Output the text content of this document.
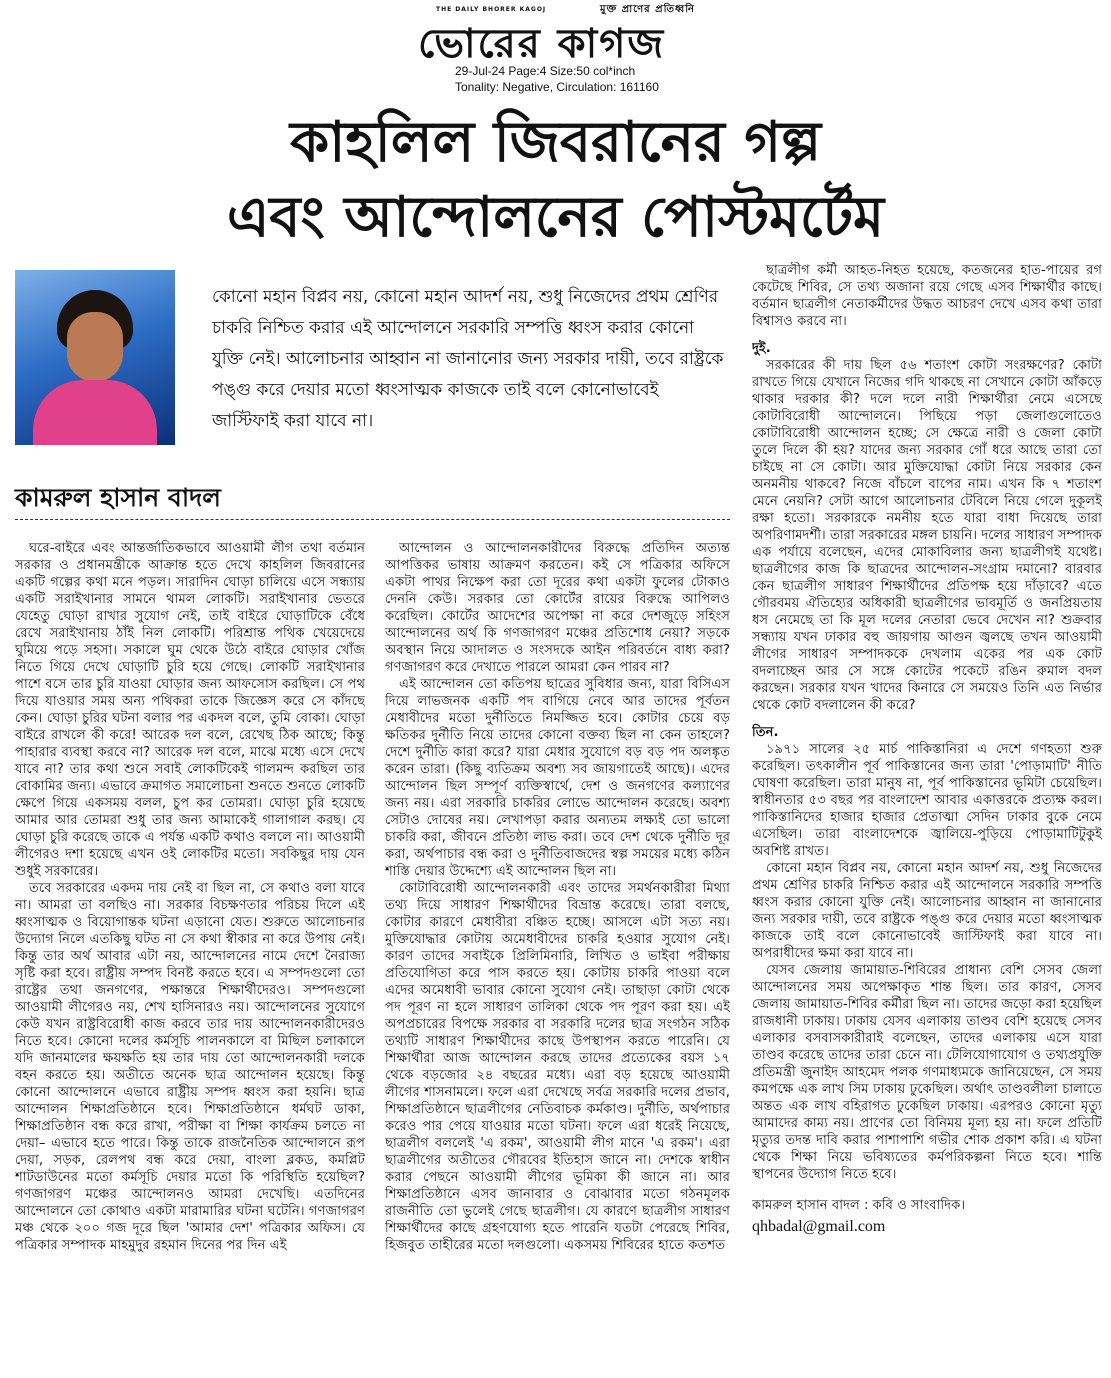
মুক্ত প্রাণের প্রতিধ্বনি
THE DAILY BHORER KAGOJ
ভোরের কাগজ
29-Jul-24 Page:4 Size:50 col*inch
Tonality: Negative, Circulation: 161160
কাহলিল জিবরানের গল্প
এবং আন্দোলনের পোস্টমর্টেম
কোনো মহান বিপ্লব নয়, কোনো মহান আদর্শ নয়, শুধু নিজেদের প্রথম শ্রেণির চাকরি নিশ্চিত করার এই আন্দোলনে সরকারি সম্পত্তি ধ্বংস করার কোনো যুক্তি নেই। আলোচনার আহ্বান না জানানোর জন্য সরকার দায়ী, তবে রাষ্ট্রকে পঙ্গু করে দেয়ার মতো ধ্বংসাত্মক কাজকে তাই বলে কোনোভাবেই জাস্টিফাই করা যাবে না।
কামরুল হাসান বাদল

ঘরে-বাইরে এবং আন্তর্জাতিকভাবে আওয়ামী লীগ তথা বর্তমান সরকার ও প্রধানমন্ত্রীকে আক্রান্ত হতে দেখে কাহলিল জিবরানের একটি গল্পের কথা মনে পড়ল। সারাদিন ঘোড়া চালিয়ে এসে সন্ধ্যায় একটি সরাইখানার সামনে থামল লোকটি। সরাইখানার ভেতরে যেহেতু ঘোড়া রাখার সুযোগ নেই, তাই বাইরে ঘোড়াটিকে বেঁধে রেখে সরাইখানায় ঠাঁই নিল লোকটি। পরিশ্রান্ত পথিক খেয়েদেয়ে ঘুমিয়ে পড়ে সহসা। সকালে ঘুম থেকে উঠে বাইরে ঘোড়ার খোঁজ নিতে গিয়ে দেখে ঘোড়াটি চুরি হয়ে গেছে। লোকটি সরাইখানার পাশে বসে তার চুরি যাওয়া ঘোড়ার জন্য আফসোস করছিল। সে পথ দিয়ে যাওয়ার সময় অন্য পথিকরা তাকে জিজ্ঞেস করে সে কাঁদছে কেন। ঘোড়া চুরির ঘটনা বলার পর একদল বলে, তুমি বোকা। ঘোড়া বাইরে রাখলে কী করে! আরেক দল বলে, রেখেছ ঠিক আছে; কিন্তু পাহারার ব্যবস্থা করবে না? আরেক দল বলে, মাঝে মধ্যে এসে দেখে যাবে না? তার কথা শুনে সবাই লোকটিকেই গালমন্দ করছিল তার বোকামির জন্য। এভাবে ক্রমাগত সমালোচনা শুনতে শুনতে লোকটি ক্ষেপে গিয়ে একসময় বলল, চুপ কর তোমরা। ঘোড়া চুরি হয়েছে আমার আর তোমরা শুধু তার জন্য আমাকেই গালাগাল করছ। যে ঘোড়া চুরি করেছে তাকে এ পর্যন্ত একটি কথাও বললে না। আওয়ামী লীগেরও দশা হয়েছে এখন ওই লোকটির মতো। সবকিছুর দায় যেন শুধুই সরকারের।

তবে সরকারের একদম দায় নেই বা ছিল না, সে কথাও বলা যাবে না। আমরা তা বলছিও না। সরকার বিচক্ষণতার পরিচয় দিলে এই ধ্বংসাত্মক ও বিয়োগান্তক ঘটনা এড়ানো যেত। শুরুতে আলোচনার উদ্যোগ নিলে এতকিছু ঘটত না সে কথা স্বীকার না করে উপায় নেই। কিন্তু তার অর্থ আবার এটা নয়, আন্দোলনের নামে দেশে নৈরাজ্য সৃষ্টি করা হবে। রাষ্ট্রীয় সম্পদ বিনষ্ট করতে হবে। এ সম্পদগুলো তো রাষ্ট্রের তথা জনগণের, পক্ষান্তরে শিক্ষার্থীদেরও। সম্পদগুলো আওয়ামী লীগেরও নয়, শেখ হাসিনারও নয়। আন্দোলনের সুযোগে কেউ যখন রাষ্ট্রবিরোধী কাজ করবে তার দায় আন্দোলনকারীদেরও নিতে হবে। কোনো দলের কর্মসূচি পালনকালে বা মিছিল চলাকালে যদি জানমালের ক্ষয়ক্ষতি হয় তার দায় তো আন্দোলনকারী দলকে বহন করতে হয়। অতীতে অনেক ছাত্র আন্দোলন হয়েছে। কিন্তু কোনো আন্দোলনে এভাবে রাষ্ট্রীয় সম্পদ ধ্বংস করা হয়নি। ছাত্র আন্দোলন শিক্ষাপ্রতিষ্ঠানে হবে। শিক্ষাপ্রতিষ্ঠানে ধর্মঘট ডাকা, শিক্ষাপ্রতিষ্ঠান বন্ধ করে রাখা, পরীক্ষা বা শিক্ষা কার্যক্রম চলতে না দেয়া– এভাবে হতে পারে। কিন্তু তাকে রাজনৈতিক আন্দোলনে রূপ দেয়া, সড়ক, রেলপথ বন্ধ করে দেয়া, বাংলা ব্লকড, কমপ্লিট শাটডাউনের মতো কর্মসূচি দেয়ার মতো কি পরিস্থিতি হয়েছিল? গণজাগরণ মঞ্চের আন্দোলনও আমরা দেখেছি। এতদিনের আন্দোলনে তো কোথাও একটা মারামারির ঘটনা ঘটেনি। গণজাগরণ মঞ্চ থেকে ২০০ গজ দূরে ছিল 'আমার দেশ' পত্রিকার অফিস। যে পত্রিকার সম্পাদক মাহমুদুর রহমান দিনের পর দিন এই

আন্দোলন ও আন্দোলনকারীদের বিরুদ্ধে প্রতিদিন অত্যন্ত আপত্তিকর ভাষায় আক্রমণ করতেন। কই সে পত্রিকার অফিসে একটা পাথর নিক্ষেপ করা তো দূরের কথা একটা ফুলের টোকাও দেননি কেউ। সরকার তো কোর্টের রায়ের বিরুদ্ধে আপিলও করেছিল। কোর্টের আদেশের অপেক্ষা না করে দেশজুড়ে সহিংস আন্দোলনের অর্থ কি গণজাগরণ মঞ্চের প্রতিশোধ নেয়া? সড়কে অবস্থান নিয়ে আদালত ও সংসদকে আইন পরিবর্তনে বাধ্য করা? গণজাগরণ করে দেখাতে পারলে আমরা কেন পারব না?

এই আন্দোলন তো কতিপয় ছাত্রের সুবিধার জন্য, যারা বিসিএস দিয়ে লাভজনক একটি পদ বাগিয়ে নেবে আর তাদের পূর্বতন মেধাবীদের মতো দুর্নীতিতে নিমজ্জিত হবে। কোটার চেয়ে বড় ক্ষতিকর দুর্নীতি নিয়ে তাদের কোনো বক্তব্য ছিল না কেন তাহলে? দেশে দুর্নীতি কারা করে? যারা মেধার সুযোগে বড় বড় পদ অলঙ্কৃত করেন তারা। (কিছু ব্যতিক্রম অবশ্য সব জায়গাতেই আছে)। এদের আন্দোলন ছিল সম্পূর্ণ ব্যক্তিস্বার্থে, দেশ ও জনগণের কল্যাণের জন্য নয়। এরা সরকারি চাকরির লোভে আন্দোলন করেছে। অবশ্য সেটাও দোষের নয়। লেখাপড়া করার অন্যতম লক্ষ্যই তো ভালো চাকরি করা, জীবনে প্রতিষ্ঠা লাভ করা। তবে দেশ থেকে দুর্নীতি দূর করা, অর্থপাচার বন্ধ করা ও দুর্নীতিবাজদের স্বল্প সময়ের মধ্যে কঠিন শাস্তি দেয়ার উদ্দেশ্যে এই আন্দোলন ছিল না।

কোটাবিরোধী আন্দোলনকারী এবং তাদের সমর্থনকারীরা মিথ্যা তথ্য দিয়ে সাধারণ শিক্ষার্থীদের বিভ্রান্ত করেছে। তারা বলছে, কোটার কারণে মেধাবীরা বঞ্চিত হচ্ছে। আসলে এটা সত্য নয়। মুক্তিযোদ্ধার কোটায় অমেধাবীদের চাকরি হওয়ার সুযোগ নেই। কারণ তাদের সবাইকে প্রিলিমিনারি, লিখিত ও ভাইবা পরীক্ষায় প্রতিযোগিতা করে পাস করতে হয়। কোটায় চাকরি পাওয়া বলে এদের অমেধাবী ভাবার কোনো সুযোগ নেই। তাছাড়া কোটা থেকে পদ পূরণ না হলে সাধারণ তালিকা থেকে পদ পূরণ করা হয়। এই অপপ্রচারের বিপক্ষে সরকার বা সরকারি দলের ছাত্র সংগঠন সঠিক তথ্যটি সাধারণ শিক্ষার্থীদের কাছে উপস্থাপন করতে পারেনি। যে শিক্ষার্থীরা আজ আন্দোলন করছে তাদের প্রত্যেকের বয়স ১৭ থেকে বড়জোর ২৪ বছরের মধ্যে। এরা বড় হয়েছে আওয়ামী লীগের শাসনামলে। ফলে এরা দেখেছে সর্বত্র সরকারি দলের প্রভাব, শিক্ষাপ্রতিষ্ঠানে ছাত্রলীগের নেতিবাচক কর্মকাণ্ড। দুর্নীতি, অর্থপাচার করেও পার পেয়ে যাওয়ার মতো ঘটনা। ফলে এরা ধরেই নিয়েছে, ছাত্রলীগ বললেই 'এ রকম', আওয়ামী লীগ মানে 'এ রকম'। এরা ছাত্রলীগের অতীতের গৌরবের ইতিহাস জানে না। দেশকে স্বাধীন করার পেছনে আওয়ামী লীগের ভূমিকা কী জানে না। আর শিক্ষাপ্রতিষ্ঠানে এসব জানাবার ও বোঝাবার মতো গঠনমূলক রাজনীতি তো ভুলেই গেছে ছাত্রলীগ। যে কারণে ছাত্রলীগ সাধারণ শিক্ষার্থীদের কাছে গ্রহণযোগ্য হতে পারেনি যতটা পেরেছে শিবির, হিজবুত তাহীরের মতো দলগুলো। একসময় শিবিরের হাতে কতশত

ছাত্রলীগ কর্মী আহত-নিহত হয়েছে, কতজনের হাত-পায়ের রগ কেটেছে শিবির, সে তথ্য অজানা রয়ে গেছে এসব শিক্ষার্থীর কাছে। বর্তমান ছাত্রলীগ নেতাকর্মীদের উদ্ধত আচরণ দেখে এসব কথা তারা বিশ্বাসও করবে না।

দুই.

সরকারের কী দায় ছিল ৫৬ শতাংশ কোটা সংরক্ষণের? কোটা রাখতে গিয়ে যেখানে নিজের গদি থাকছে না সেখানে কোটা আঁকড়ে থাকার দরকার কী? দলে দলে নারী শিক্ষার্থীরা নেমে এসেছে কোটাবিরোধী আন্দোলনে। পিছিয়ে পড়া জেলাগুলোতেও কোটাবিরোধী আন্দোলন হচ্ছে; সে ক্ষেত্রে নারী ও জেলা কোটা তুলে দিলে কী হয়? যাদের জন্য সরকার গোঁ ধরে আছে তারা তো চাইছে না সে কোটা। আর মুক্তিযোদ্ধা কোটা নিয়ে সরকার কেন অনমনীয় থাকবে? নিজে বাঁচলে বাপের নাম। এখন কি ৭ শতাংশ মেনে নেয়নি? সেটা আগে আলোচনার টেবিলে নিয়ে গেলে দুকূলই রক্ষা হতো। সরকারকে নমনীয় হতে যারা বাধা দিয়েছে তারা অপরিণামদর্শী। তারা সরকারের মঙ্গল চায়নি। দলের সাধারণ সম্পাদক এক পর্যায়ে বলেছেন, এদের মোকাবিলার জন্য ছাত্রলীগই যথেষ্ট। ছাত্রলীগের কাজ কি ছাত্রদের আন্দোলন-সংগ্রাম দমানো? বারবার কেন ছাত্রলীগ সাধারণ শিক্ষার্থীদের প্রতিপক্ষ হয়ে দাঁড়াবে? এতে গৌরবময় ঐতিহ্যের অধিকারী ছাত্রলীগের ভাবমূর্তি ও জনপ্রিয়তায় ধস নেমেছে তা কি মূল দলের নেতারা ভেবে দেখেন না? শুক্রবার সন্ধ্যায় যখন ঢাকার বহু জায়গায় আগুন জ্বলছে তখন আওয়ামী লীগের সাধারণ সম্পাদককে দেখলাম একের পর এক কোট বদলাচ্ছেন আর সে সঙ্গে কোটের পকেটে রঙিন রুমাল বদল করছেন। সরকার যখন খাদের কিনারে সে সময়েও তিনি এত নির্ভার থেকে কোট বদলালেন কী করে?

তিন.

১৯৭১ সালের ২৫ মার্চ পাকিস্তানিরা এ দেশে গণহত্যা শুরু করেছিল। তৎকালীন পূর্ব পাকিস্তানের জন্য তারা 'পোড়ামাটি' নীতি ঘোষণা করেছিল। তারা মানুষ না, পূর্ব পাকিস্তানের ভূমিটা চেয়েছিল। স্বাধীনতার ৫৩ বছর পর বাংলাদেশ আবার একাত্তরকে প্রত্যক্ষ করল। পাকিস্তানিদের হাজার হাজার প্রেতাত্মা সেদিন ঢাকার বুকে নেমে এসেছিল। তারা বাংলাদেশকে জ্বালিয়ে-পুড়িয়ে পোড়ামাটিটুকুই অবশিষ্ট রাখত।

কোনো মহান বিপ্লব নয়, কোনো মহান আদর্শ নয়, শুধু নিজেদের প্রথম শ্রেণির চাকরি নিশ্চিত করার এই আন্দোলনে সরকারি সম্পত্তি ধ্বংস করার কোনো যুক্তি নেই। আলোচনার আহ্বান না জানানোর জন্য সরকার দায়ী, তবে রাষ্ট্রকে পঙ্গু করে দেয়ার মতো ধ্বংসাত্মক কাজকে তাই বলে কোনোভাবেই জাস্টিফাই করা যাবে না। অপরাধীদের ক্ষমা করা যাবে না।

যেসব জেলায় জামায়াত-শিবিরের প্রাধান্য বেশি সেসব জেলা আন্দোলনের সময় অপেক্ষাকৃত শান্ত ছিল। তার কারণ, সেসব জেলায় জামায়াত-শিবির কর্মীরা ছিল না। তাদের জড়ো করা হয়েছিল রাজধানী ঢাকায়। ঢাকায় যেসব এলাকায় তাণ্ডব বেশি হয়েছে সেসব এলাকার বসবাসকারীরাই বলেছেন, তাদের এলাকায় এসে যারা তাণ্ডব করেছে তাদের তারা চেনে না। টেলিযোগাযোগ ও তথ্যপ্রযুক্তি প্রতিমন্ত্রী জুনাইদ আহমেদ পলক গণমাধ্যমকে জানিয়েছেন, সে সময় কমপক্ষে এক লাখ সিম ঢাকায় ঢুকেছিল। অর্থাৎ তাণ্ডবলীলা চালাতে অন্তত এক লাখ বহিরাগত ঢুকেছিল ঢাকায়। এরপরও কোনো মৃত্যু আমাদের কাম্য নয়। প্রাণের তো বিনিময় মূল্য হয় না। ফলে প্রতিটি মৃত্যুর তদন্ত দাবি করার পাশাপাশি গভীর শোক প্রকাশ করি। এ ঘটনা থেকে শিক্ষা নিয়ে ভবিষ্যতের কর্মপরিকল্পনা নিতে হবে। শান্তি স্থাপনের উদ্যোগ নিতে হবে।

কামরুল হাসান বাদল : কবি ও সাংবাদিক।

qhbadal@gmail.com
